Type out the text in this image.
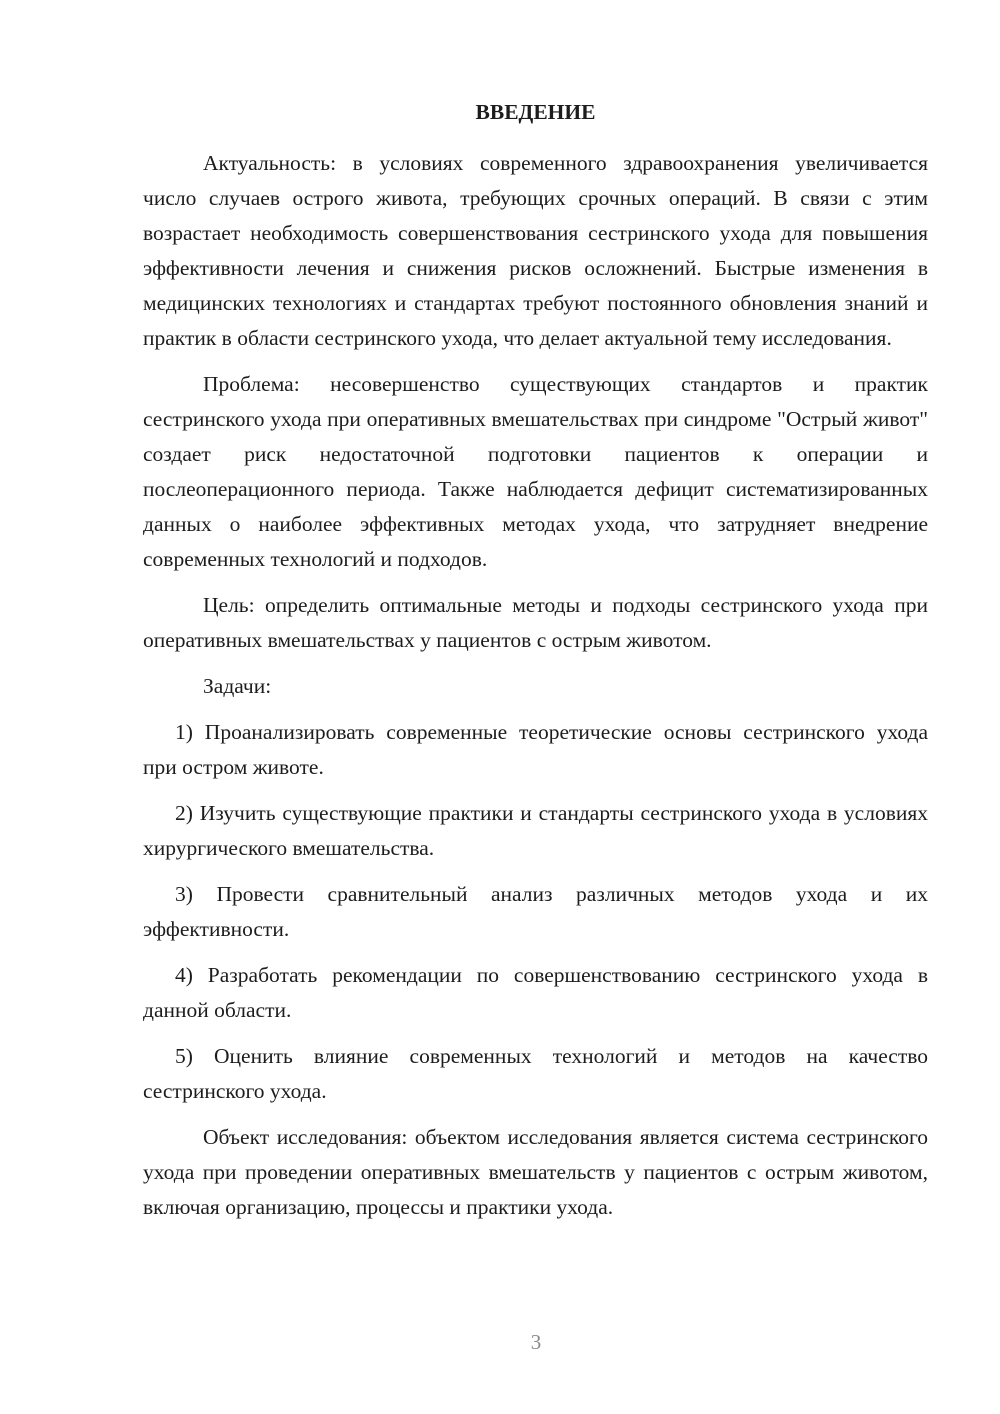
ВВЕДЕНИЕ
Актуальность: в условиях современного здравоохранения увеличивается число случаев острого живота, требующих срочных операций. В связи с этим возрастает необходимость совершенствования сестринского ухода для повышения эффективности лечения и снижения рисков осложнений. Быстрые изменения в медицинских технологиях и стандартах требуют постоянного обновления знаний и практик в области сестринского ухода, что делает актуальной тему исследования.
Проблема: несовершенство существующих стандартов и практик сестринского ухода при оперативных вмешательствах при синдроме "Острый живот" создает риск недостаточной подготовки пациентов к операции и послеоперационного периода. Также наблюдается дефицит систематизированных данных о наиболее эффективных методах ухода, что затрудняет внедрение современных технологий и подходов.
Цель: определить оптимальные методы и подходы сестринского ухода при оперативных вмешательствах у пациентов с острым животом.
Задачи:
1) Проанализировать современные теоретические основы сестринского ухода при остром животе.
2) Изучить существующие практики и стандарты сестринского ухода в условиях хирургического вмешательства.
3) Провести сравнительный анализ различных методов ухода и их эффективности.
4) Разработать рекомендации по совершенствованию сестринского ухода в данной области.
5) Оценить влияние современных технологий и методов на качество сестринского ухода.
Объект исследования: объектом исследования является система сестринского ухода при проведении оперативных вмешательств у пациентов с острым животом, включая организацию, процессы и практики ухода.
3
